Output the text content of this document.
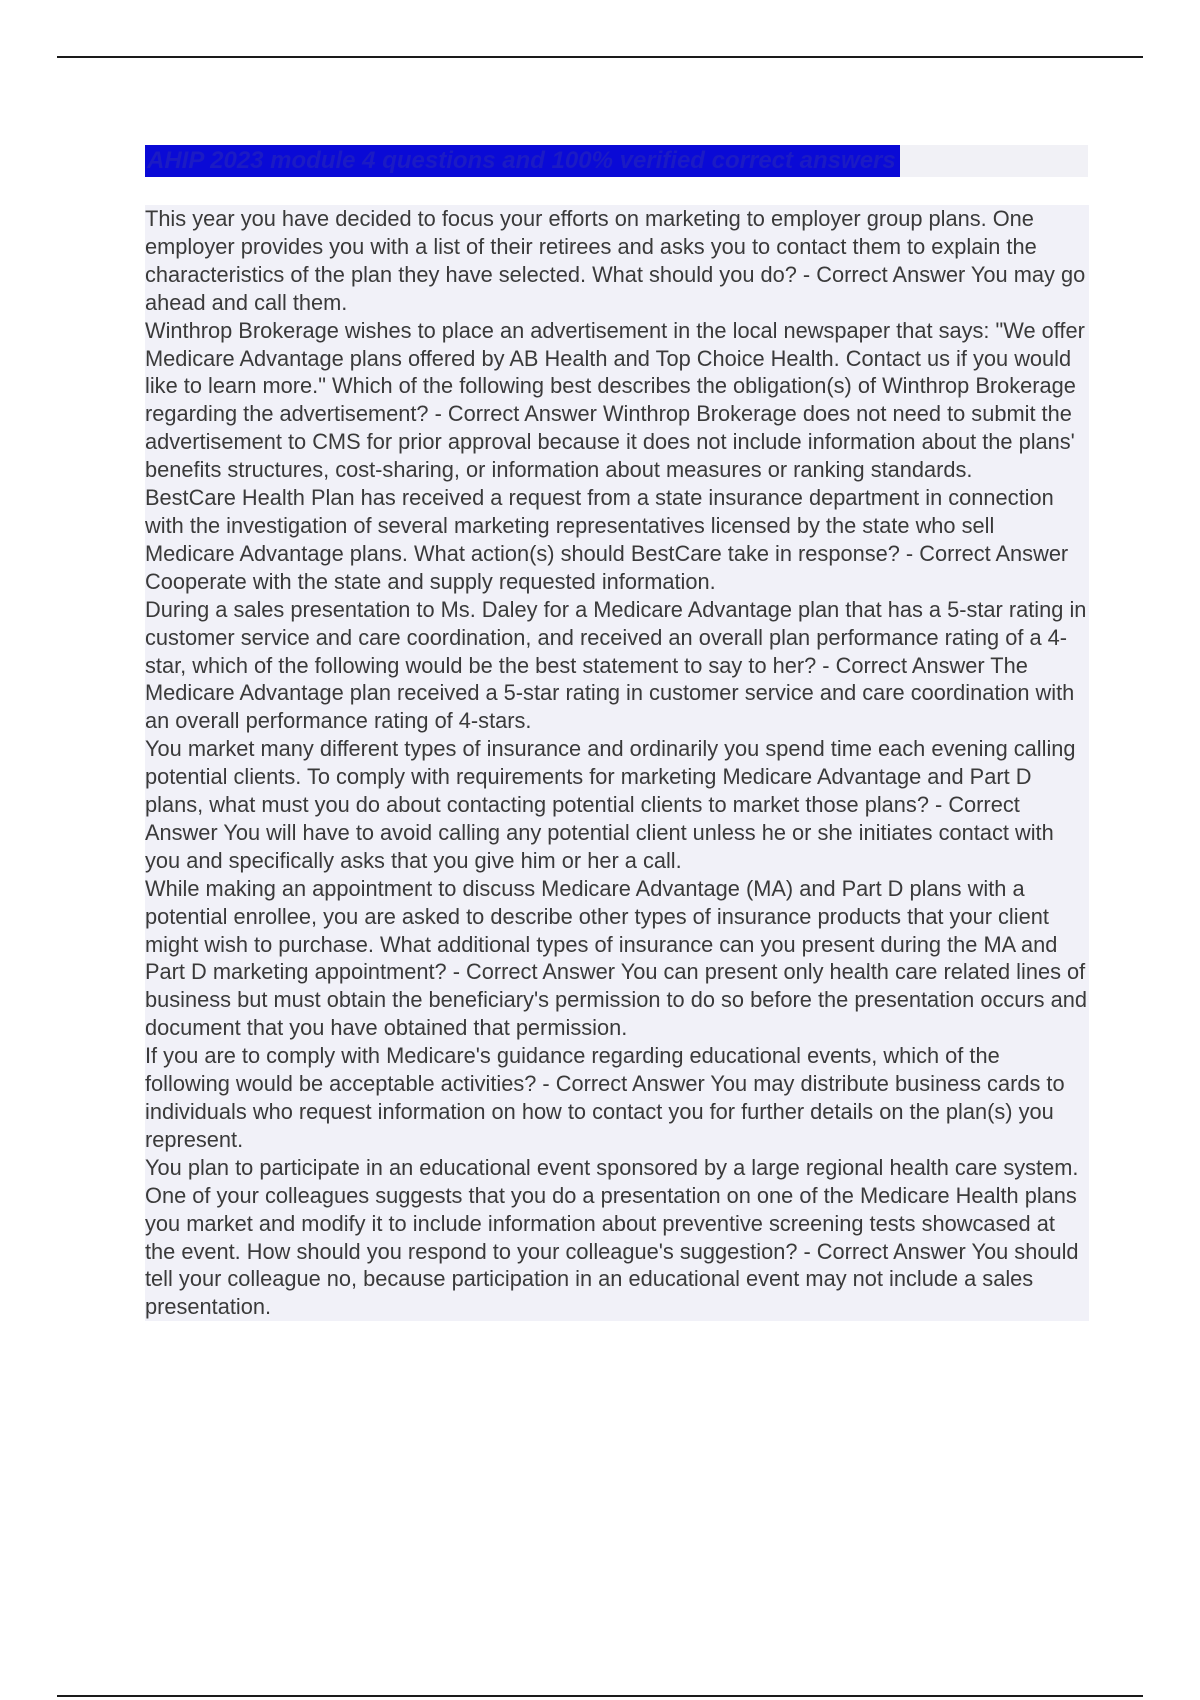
AHIP 2023 module 4 questions and 100% verified correct answers

This year you have decided to focus your efforts on marketing to employer group plans. One employer provides you with a list of their retirees and asks you to contact them to explain the characteristics of the plan they have selected. What should you do? - Correct Answer You may go ahead and call them.

Winthrop Brokerage wishes to place an advertisement in the local newspaper that says: "We offer Medicare Advantage plans offered by AB Health and Top Choice Health. Contact us if you would like to learn more." Which of the following best describes the obligation(s) of Winthrop Brokerage regarding the advertisement? - Correct Answer Winthrop Brokerage does not need to submit the advertisement to CMS for prior approval because it does not include information about the plans' benefits structures, cost-sharing, or information about measures or ranking standards.

BestCare Health Plan has received a request from a state insurance department in connection with the investigation of several marketing representatives licensed by the state who sell Medicare Advantage plans. What action(s) should BestCare take in response? - Correct Answer Cooperate with the state and supply requested information.

During a sales presentation to Ms. Daley for a Medicare Advantage plan that has a 5-star rating in customer service and care coordination, and received an overall plan performance rating of a 4-star, which of the following would be the best statement to say to her? - Correct Answer The Medicare Advantage plan received a 5-star rating in customer service and care coordination with an overall performance rating of 4-stars.

You market many different types of insurance and ordinarily you spend time each evening calling potential clients. To comply with requirements for marketing Medicare Advantage and Part D plans, what must you do about contacting potential clients to market those plans? - Correct Answer You will have to avoid calling any potential client unless he or she initiates contact with you and specifically asks that you give him or her a call.

While making an appointment to discuss Medicare Advantage (MA) and Part D plans with a potential enrollee, you are asked to describe other types of insurance products that your client might wish to purchase. What additional types of insurance can you present during the MA and Part D marketing appointment? - Correct Answer You can present only health care related lines of business but must obtain the beneficiary's permission to do so before the presentation occurs and document that you have obtained that permission.

If you are to comply with Medicare's guidance regarding educational events, which of the following would be acceptable activities? - Correct Answer You may distribute business cards to individuals who request information on how to contact you for further details on the plan(s) you represent.

You plan to participate in an educational event sponsored by a large regional health care system. One of your colleagues suggests that you do a presentation on one of the Medicare Health plans you market and modify it to include information about preventive screening tests showcased at the event. How should you respond to your colleague's suggestion? - Correct Answer You should tell your colleague no, because participation in an educational event may not include a sales presentation.
